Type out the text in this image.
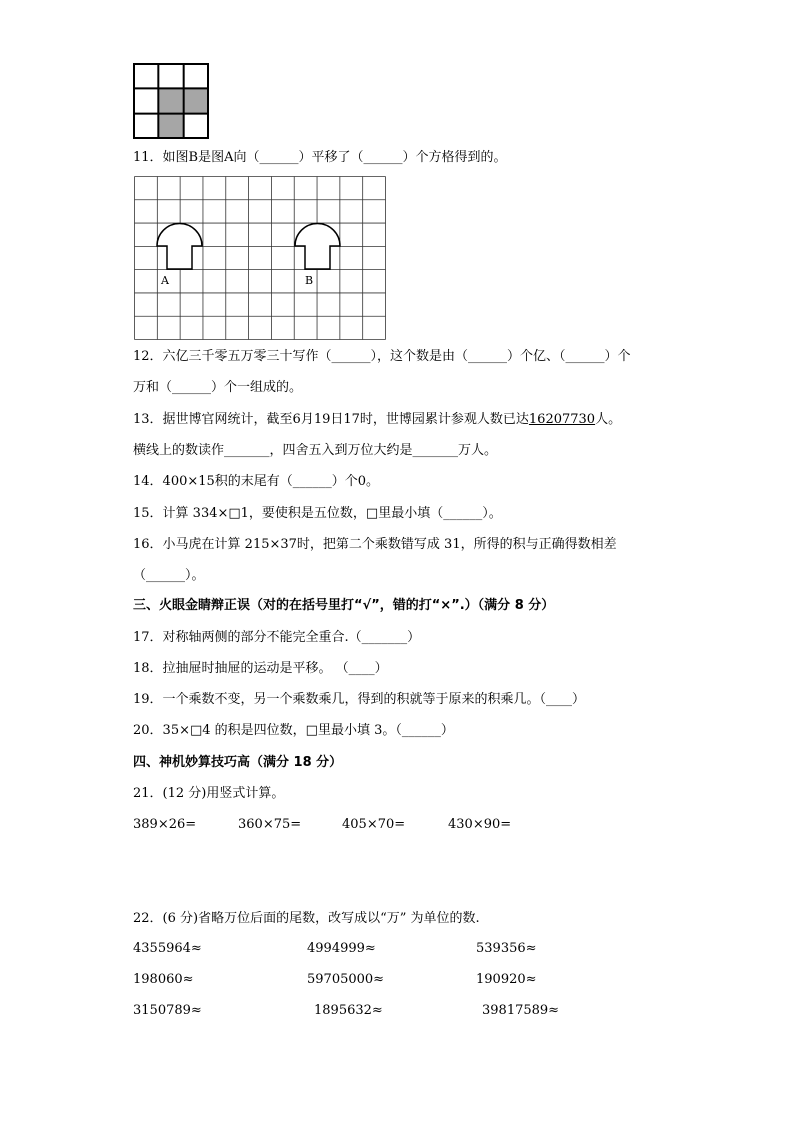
11．如图B是图A向（______）平移了（______）个方格得到的。
A	B
12．六亿三千零五万零三十写作（______），这个数是由（______）个亿、（______）个
万和（______）个一组成的。
13．据世博官网统计，截至6月19日17时，世博园累计参观人数已达16207730人。
横线上的数读作_______，四舍五入到万位大约是_______万人。
14．400×15积的末尾有（______）个0。
15．计算 334×□1，要使积是五位数，□里最小填（______）。
16．小马虎在计算 215×37时，把第二个乘数错写成 31，所得的积与正确得数相差
（______）。
三、火眼金睛辩正误（对的在括号里打“√”，错的打“×”.）（满分 8 分）
17．对称轴两侧的部分不能完全重合.（_______）
18．拉抽屉时抽屉的运动是平移。 （____）
19．一个乘数不变，另一个乘数乘几，得到的积就等于原来的积乘几。（____）
20．35×□4 的积是四位数，□里最小填 3。（______）
四、神机妙算技巧高（满分 18 分）
21．(12 分)用竖式计算。
389×26=	360×75=	405×70=	430×90=
22．(6 分)省略万位后面的尾数，改写成以“万” 为单位的数.
4355964≈	4994999≈	539356≈
198060≈	59705000≈	190920≈
3150789≈	1895632≈	39817589≈
